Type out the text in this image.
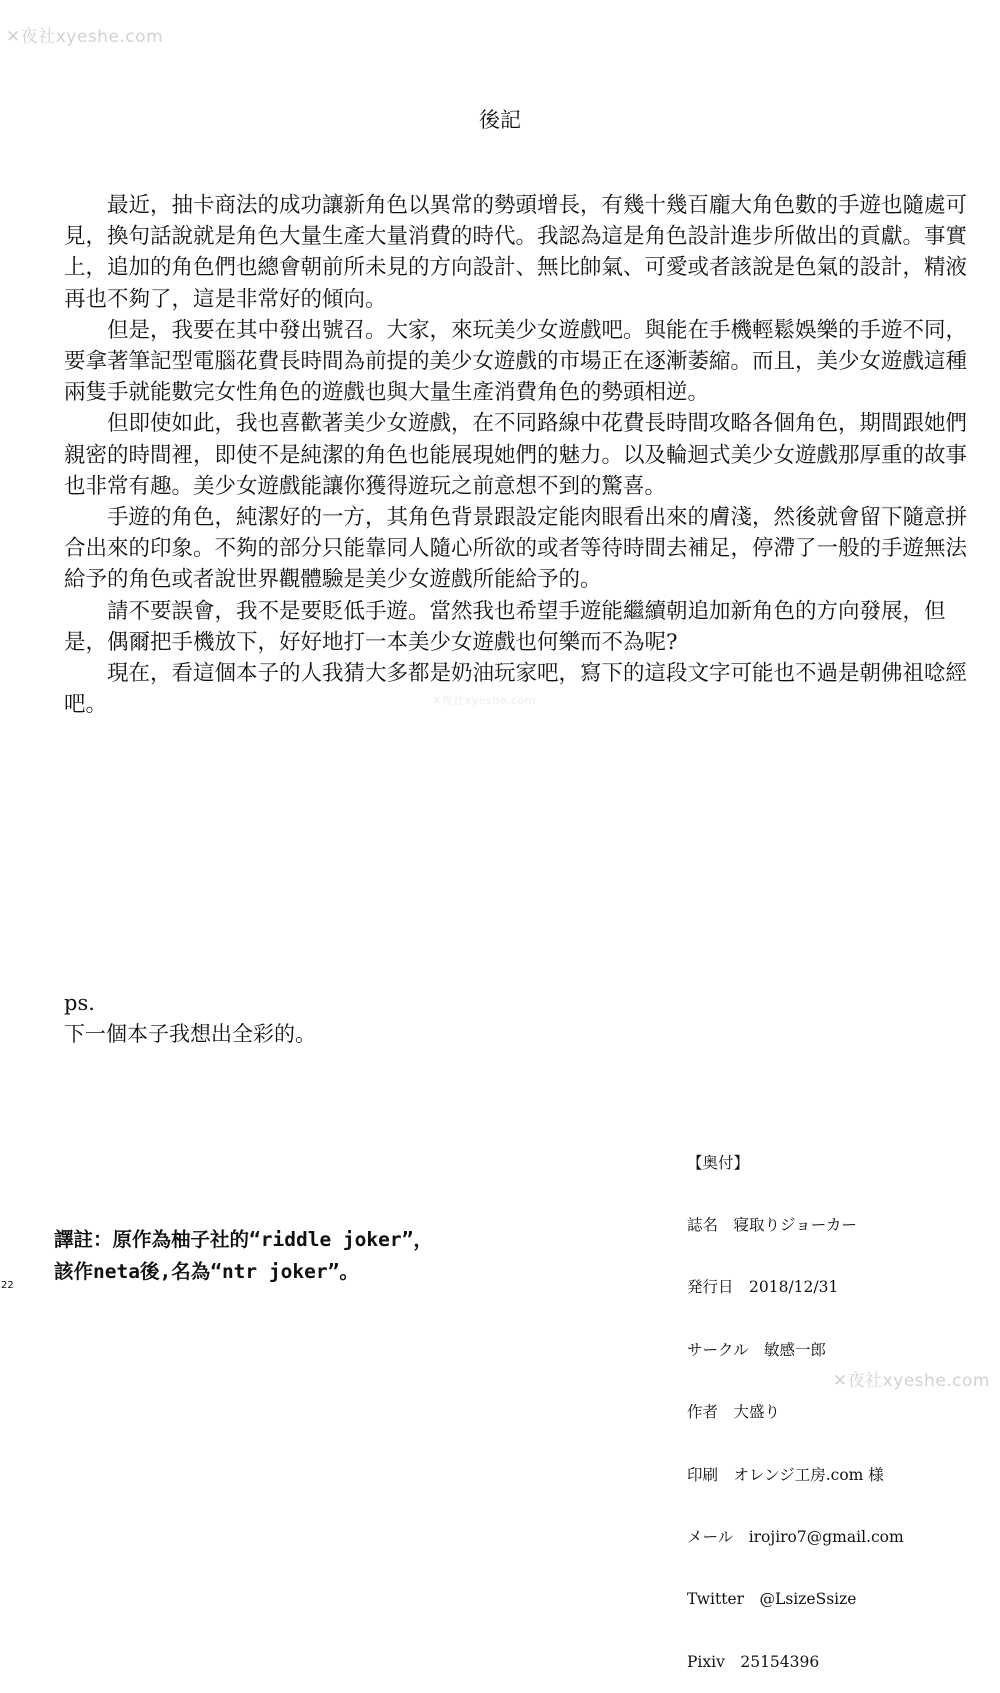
✕夜社xyeshe.com
✕夜社xyeshe.com
✕夜社xyeshe.com
後記

最近，抽卡商法的成功讓新角色以異常的勢頭增長，有幾十幾百龐大角色數的手遊也隨處可見，換句話說就是角色大量生產大量消費的時代。我認為這是角色設計進步所做出的貢獻。事實上，追加的角色們也總會朝前所未見的方向設計、無比帥氣、可愛或者該說是色氣的設計，精液再也不夠了，這是非常好的傾向。

但是，我要在其中發出號召。大家，來玩美少女遊戲吧。與能在手機輕鬆娛樂的手遊不同，要拿著筆記型電腦花費長時間為前提的美少女遊戲的市場正在逐漸萎縮。而且，美少女遊戲這種兩隻手就能數完女性角色的遊戲也與大量生產消費角色的勢頭相逆。

但即使如此，我也喜歡著美少女遊戲，在不同路線中花費長時間攻略各個角色，期間跟她們親密的時間裡，即使不是純潔的角色也能展現她們的魅力。以及輪迴式美少女遊戲那厚重的故事也非常有趣。美少女遊戲能讓你獲得遊玩之前意想不到的驚喜。

手遊的角色，純潔好的一方，其角色背景跟設定能肉眼看出來的膚淺，然後就會留下隨意拼合出來的印象。不夠的部分只能靠同人隨心所欲的或者等待時間去補足，停滯了一般的手遊無法給予的角色或者說世界觀體驗是美少女遊戲所能給予的。

請不要誤會，我不是要貶低手遊。當然我也希望手遊能繼續朝追加新角色的方向發展，但是，偶爾把手機放下，好好地打一本美少女遊戲也何樂而不為呢?

現在，看這個本子的人我猜大多都是奶油玩家吧，寫下的這段文字可能也不過是朝佛祖唸經吧。

ps.
下一個本子我想出全彩的。

【奥付】

誌名　寝取りジョーカー

発行日　2018/12/31

サークル　敏感一郎

作者　大盛り

印刷　オレンジ工房.com 様

メール　irojiro7@gmail.com

Twitter　@LsizeSsize

Pixiv　25154396

譯註：原作為柚子社的“riddle joker”，
該作neta後,名為“ntr joker”。
22
